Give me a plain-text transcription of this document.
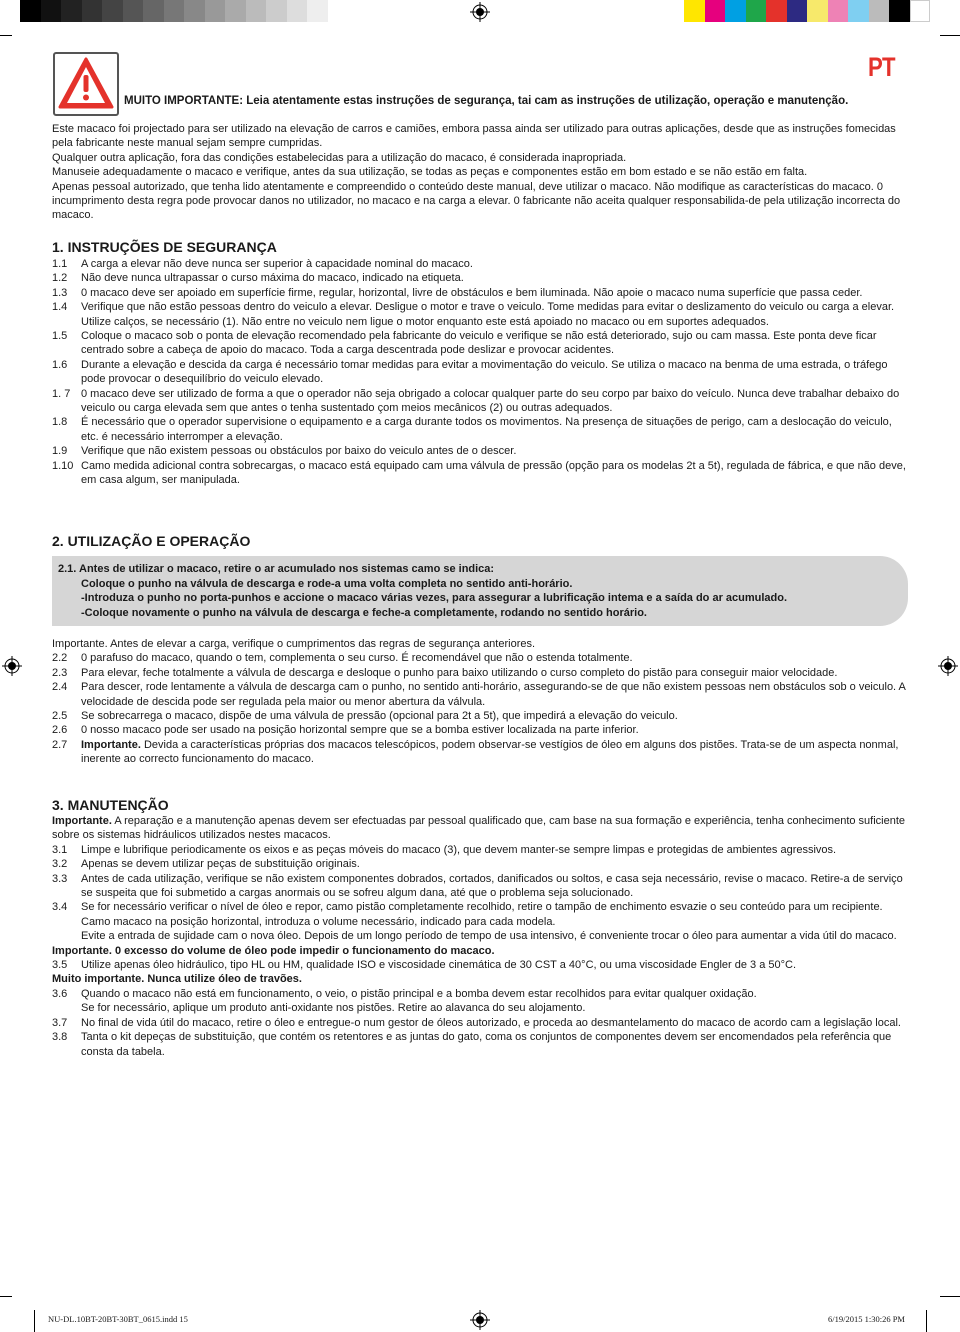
PT
MUITO IMPORTANTE: Leia atentamente estas instruções de segurança, tai cam as instruções de utilização, operação e manutenção.

Este macaco foi projectado para ser utilizado na elevação de carros e camiões, embora passa ainda ser utilizado para outras aplicações, desde que as instruções fomecidas pela fabricante neste manual sejam sempre cumpridas.

Qualquer outra aplicação, fora das condições estabelecidas para a utilização do macaco, é considerada inapropriada.

Manuseie adequadamente o macaco e verifique, antes da sua utilização, se todas as peças e componentes estão em bom estado e se não estão em falta.

Apenas pessoal autorizado, que tenha lido atentamente e compreendido o conteúdo deste manual, deve utilizar o macaco. Não modifique as características do macaco. 0 incumprimento desta regra pode provocar danos no utilizador, no macaco e na carga a elevar. 0 fabricante não aceita qualquer responsabilida-de pela utilização incorrecta do macaco.

1. INSTRUÇÕES DE SEGURANÇA
1.1	A carga a elevar não deve nunca ser superior à capacidade nominal do macaco.
1.2	Não deve nunca ultrapassar o curso máxima do macaco, indicado na etiqueta.
1.3	0 macaco deve ser apoiado em superfície firme, regular, horizontal, livre de obstáculos e bem iluminada. Não apoie o macaco numa superfície que passa ceder.
1.4	Verifique que não estão pessoas dentro do veiculo a elevar. Desligue o motor e trave o veiculo. Tome medidas para evitar o deslizamento do veiculo ou carga a elevar. Utilize calços, se necessário (1). Não entre no veiculo nem ligue o motor enquanto este está apoiado no macaco ou em suportes adequados.
1.5	Coloque o macaco sob o ponta de elevação recomendado pela fabricante do veiculo e verifique se não está deteriorado, sujo ou cam massa. Este ponta deve ficar centrado sobre a cabeça de apoio do macaco. Toda a carga descentrada pode deslizar e provocar acidentes.
1.6	Durante a elevação e descida da carga é necessário tomar medidas para evitar a movimentação do veiculo. Se utiliza o macaco na benma de uma estrada, o tráfego pode provocar o desequilíbrio do veiculo elevado.
1. 7 0 macaco deve ser utilizado de forma a que o operador não seja obrigado a colocar qualquer parte do seu corpo par baixo do veículo. Nunca deve trabalhar debaixo do veiculo ou carga elevada sem que antes o tenha sustentado çom meios mecânicos (2) ou outras adequados.
1.8	É necessário que o operador supervisione o equipamento e a carga durante todos os movimentos. Na presença de situações de perigo, cam a deslocação do veiculo, etc. é necessário interromper a elevação.
1.9	Verifique que não existem pessoas ou obstáculos por baixo do veiculo antes de o descer.
1.10 Camo medida adicional contra sobrecargas, o macaco está equipado cam uma válvula de pressão (opção para os modelas 2t a 5t), regulada de fábrica, e que não deve, em casa algum, ser manipulada.
2. UTILIZAÇÃO E OPERAÇÃO
2.1. Antes de utilizar o macaco, retire o ar acumulado nos sistemas camo se indica:
Coloque o punho na válvula de descarga e rode-a uma volta completa no sentido anti-horário.
-Introduza o punho no porta-punhos e accione o macaco várias vezes, para assegurar a lubrificação intema e a saída do ar acumulado.
-Coloque novamente o punho na válvula de descarga e feche-a completamente, rodando no sentido horário.

Importante. Antes de elevar a carga, verifique o cumprimentos das regras de segurança anteriores.

2.2	0 parafuso do macaco, quando o tem, complementa o seu curso. É recomendável que não o estenda totalmente.
2.3	Para elevar, feche totalmente a válvula de descarga e desloque o punho para baixo utilizando o curso completo do pistão para conseguir maior velocidade.
2.4	Para descer, rode lentamente a válvula de descarga cam o punho, no sentido anti-horário, assegurando-se de que não existem pessoas nem obstáculos sob o veiculo. A velocidade de descida pode ser regulada pela maior ou menor abertura da válvula.
2.5	Se sobrecarrega o macaco, dispõe de uma válvula de pressão (opcional para 2t a 5t), que impedirá a elevação do veiculo.
2.6	0 nosso macaco pode ser usado na posição horizontal sempre que se a bomba estiver localizada na parte inferior.
2.7	Importante. Devida a características próprias dos macacos telescópicos, podem observar-se vestígios de óleo em alguns dos pistões. Trata-se de um aspecta nonmal, inerente ao correcto funcionamento do macaco.
3. MANUTENÇÃO

Importante. A reparação e a manutenção apenas devem ser efectuadas par pessoal qualificado que, cam base na sua formação e experiência, tenha conhecimento suficiente sobre os sistemas hidráulicos utilizados nestes macacos.

3.1	Limpe e lubrifique periodicamente os eixos e as peças móveis do macaco (3), que devem manter-se sempre limpas e protegidas de ambientes agressivos.
3.2	Apenas se devem utilizar peças de substituição originais.
3.3	Antes de cada utilização, verifique se não existem componentes dobrados, cortados, danificados ou soltos, e casa seja necessário, revise o macaco. Retire-a de serviço se suspeita que foi submetido a cargas anormais ou se sofreu algum dana, até que o problema seja solucionado.
3.4	Se for necessário verificar o nível de óleo e repor, camo pistão completamente recolhido, retire o tampão de enchimento esvazie o seu conteúdo para um recipiente. Camo macaco na posição horizontal, introduza o volume necessário, indicado para cada modela.
Evite a entrada de sujidade cam o nova óleo. Depois de um longo período de tempo de usa intensivo, é conveniente trocar o óleo para aumentar a vida útil do macaco.

Importante. 0 excesso do volume de óleo pode impedir o funcionamento do macaco.

3.5	Utilize apenas óleo hidráulico, tipo HL ou HM, qualidade ISO e viscosidade cinemática de 30 CST a 40°C, ou uma viscosidade Engler de 3 a 50°C.

Muito importante. Nunca utilize óleo de travões.

3.6	Quando o macaco não está em funcionamento, o veio, o pistão principal e a bomba devem estar recolhidos para evitar qualquer oxidação.
Se for necessário, aplique um produto anti-oxidante nos pistões. Retire ao alavanca do seu alojamento.
3.7	No final de vida útil do macaco, retire o óleo e entregue-o num gestor de óleos autorizado, e proceda ao desmantelamento do macaco de acordo cam a legislação local.
3.8	Tanta o kit depeças de substituição, que contém os retentores e as juntas do gato, coma os conjuntos de componentes devem ser encomendados pela referência que consta da tabela.
NU-DL.10BT-20BT-30BT_0615.indd 15	6/19/2015 1:30:26 PM
